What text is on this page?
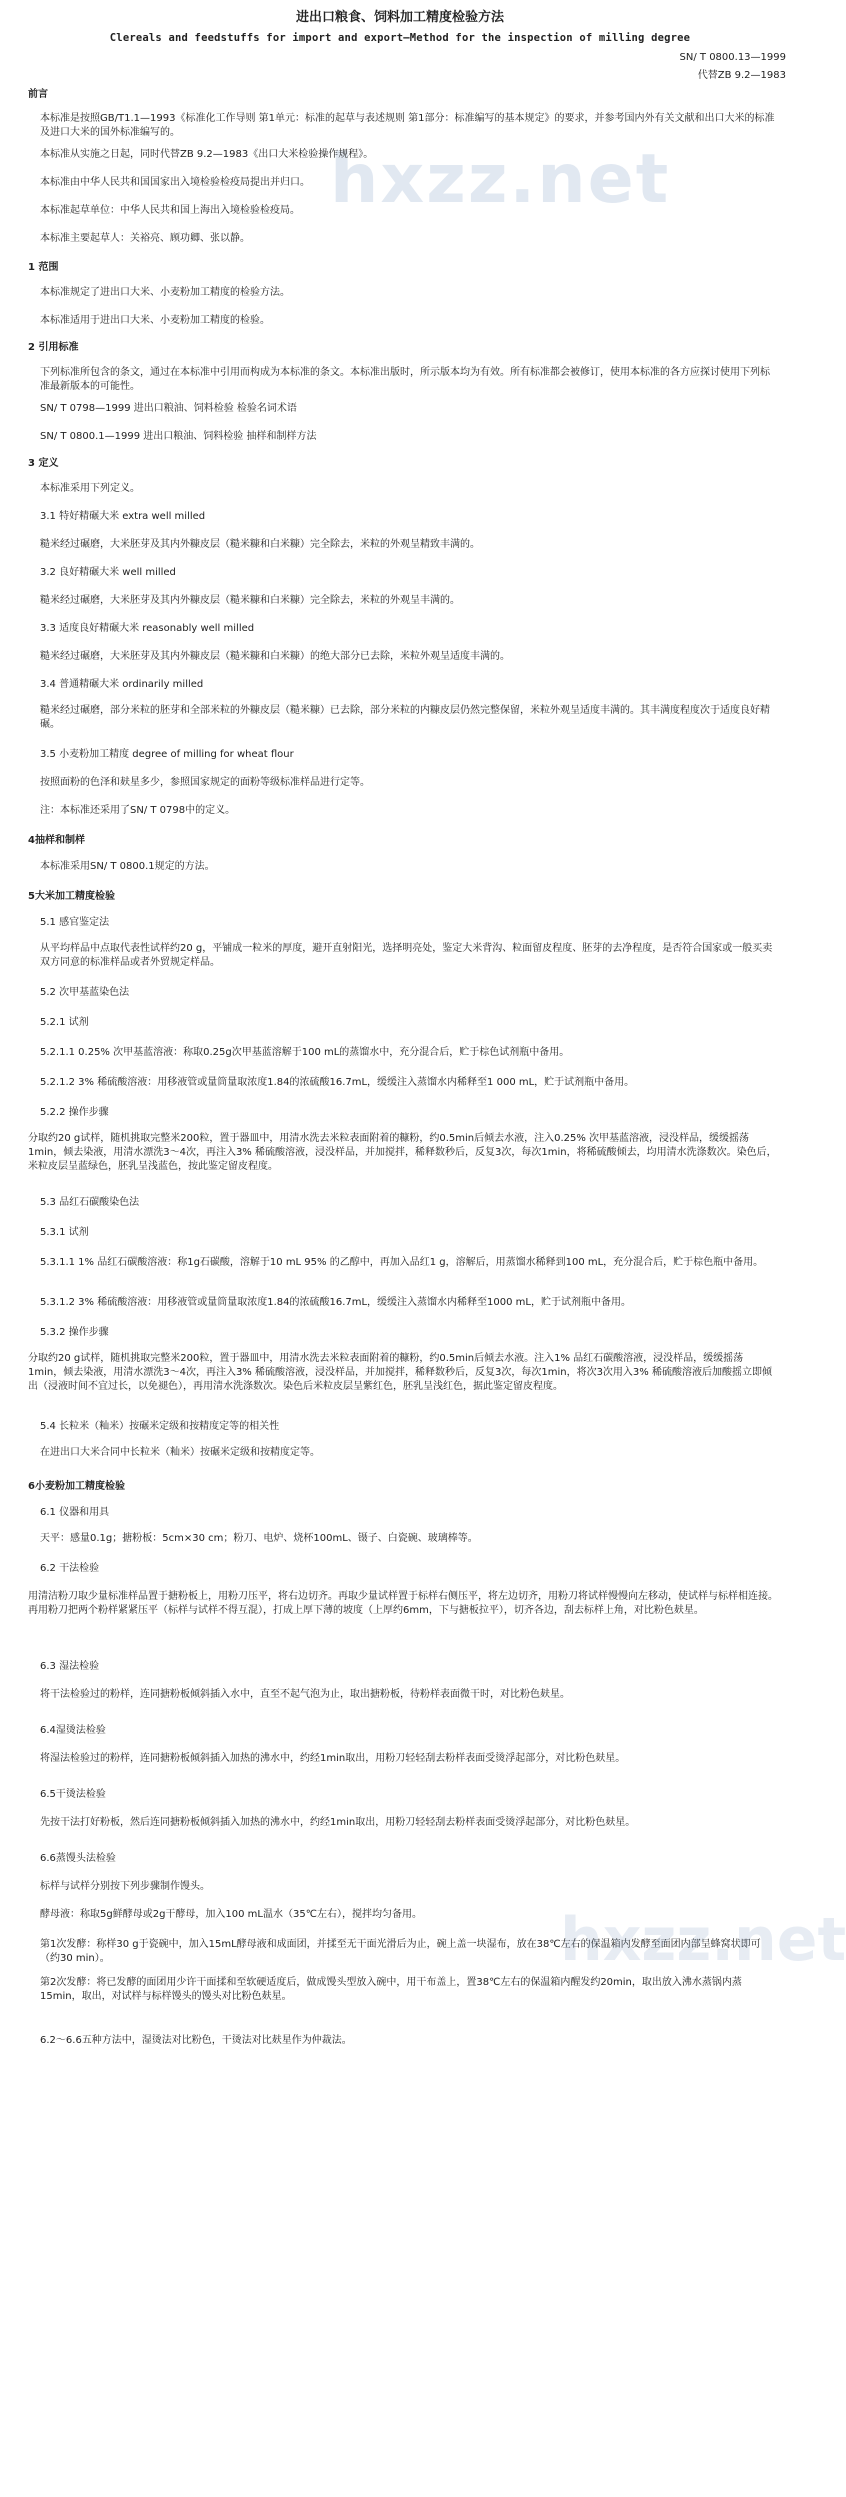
进出口粮食、饲料加工精度检验方法
Clereals and feedstuffs for import and export—Method for the inspection of milling degree
SN/ T 0800.13—1999
代替ZB 9.2—1983
hxzz.net
前言
本标准是按照GB/T1.1—1993《标准化工作导则 第1单元：标准的起草与表述规则 第1部分：标准编写的基本规定》的要求，并参考国内外有关文献和出口大米的标准及进口大米的国外标准编写的。
本标准从实施之日起，同时代替ZB 9.2—1983《出口大米检验操作规程》。
本标准由中华人民共和国国家出入境检验检疫局提出并归口。
本标准起草单位：中华人民共和国上海出入境检验检疫局。
本标准主要起草人：关裕亮、顾功卿、张以静。
1 范围
本标准规定了进出口大米、小麦粉加工精度的检验方法。
本标准适用于进出口大米、小麦粉加工精度的检验。
2 引用标准
下列标准所包含的条文，通过在本标准中引用而构成为本标准的条文。本标准出版时，所示版本均为有效。所有标准都会被修订，使用本标准的各方应探讨使用下列标准最新版本的可能性。
SN/ T 0798—1999 进出口粮油、饲料检验 检验名词术语
SN/ T 0800.1—1999 进出口粮油、饲料检验 抽样和制样方法
3 定义
本标准采用下列定义。
3.1 特好精碾大米 extra well milled
糙米经过碾磨，大米胚芽及其内外糠皮层（糙米糠和白米糠）完全除去，米粒的外观呈精致丰满的。
3.2 良好精碾大米 well milled
糙米经过碾磨，大米胚芽及其内外糠皮层（糙米糠和白米糠）完全除去，米粒的外观呈丰满的。
3.3 适度良好精碾大米 reasonably well milled
糙米经过碾磨，大米胚芽及其内外糠皮层（糙米糠和白米糠）的绝大部分已去除，米粒外观呈适度丰满的。
3.4 普通精碾大米 ordinarily milled
糙米经过碾磨，部分米粒的胚芽和全部米粒的外糠皮层（糙米糠）已去除，部分米粒的内糠皮层仍然完整保留，米粒外观呈适度丰满的。其丰满度程度次于适度良好精碾。
3.5 小麦粉加工精度 degree of milling for wheat flour
按照面粉的色泽和麸星多少，参照国家规定的面粉等级标准样品进行定等。
注：本标准还采用了SN/ T 0798中的定义。
4抽样和制样
本标准采用SN/ T 0800.1规定的方法。
5大米加工精度检验
5.1 感官鉴定法
从平均样品中点取代表性试样约20 g，平铺成一粒米的厚度，避开直射阳光，选择明亮处，鉴定大米背沟、粒面留皮程度、胚芽的去净程度，是否符合国家或一般买卖双方同意的标准样品或者外贸规定样品。
5.2 次甲基蓝染色法
5.2.1 试剂
5.2.1.1 0.25% 次甲基蓝溶液：称取0.25g次甲基蓝溶解于100 mL的蒸馏水中，充分混合后，贮于棕色试剂瓶中备用。
5.2.1.2 3% 稀硫酸溶液：用移液管或量筒量取浓度1.84的浓硫酸16.7mL，缓缓注入蒸馏水内稀释至1 000 mL，贮于试剂瓶中备用。
5.2.2 操作步骤
分取约20 g试样，随机挑取完整米200粒，置于器皿中，用清水洗去米粒表面附着的糠粉，约0.5min后倾去水液，注入0.25% 次甲基蓝溶液，浸没样品，缓缓摇荡1min，倾去染液，用清水漂洗3～4次，再注入3% 稀硫酸溶液，浸没样品，并加搅拌，稀释数秒后，反复3次，每次1min，将稀硫酸倾去，均用清水洗涤数次。染色后，米粒皮层呈蓝绿色，胚乳呈浅蓝色，按此鉴定留皮程度。
5.3 品红石碳酸染色法
5.3.1 试剂
5.3.1.1 1% 品红石碳酸溶液：称1g石碳酸，溶解于10 mL 95% 的乙醇中，再加入品红1 g，溶解后，用蒸馏水稀释到100 mL，充分混合后，贮于棕色瓶中备用。
5.3.1.2 3% 稀硫酸溶液：用移液管或量筒量取浓度1.84的浓硫酸16.7mL，缓缓注入蒸馏水内稀释至1000 mL，贮于试剂瓶中备用。
5.3.2 操作步骤
分取约20 g试样，随机挑取完整米200粒，置于器皿中，用清水洗去米粒表面附着的糠粉，约0.5min后倾去水液。注入1% 品红石碳酸溶液，浸没样品，缓缓摇荡1min，倾去染液，用清水漂洗3～4次，再注入3% 稀硫酸溶液，浸没样品，并加搅拌，稀释数秒后，反复3次，每次1min，将次3次用入3% 稀硫酸溶液后加酸摇立即倾出（浸液时间不宜过长，以免褪色），再用清水洗涤数次。染色后米粒皮层呈紫红色，胚乳呈浅红色，据此鉴定留皮程度。
5.4 长粒米（籼米）按碾米定级和按精度定等的相关性
在进出口大米合同中长粒米（籼米）按碾米定级和按精度定等。
6小麦粉加工精度检验
6.1 仪器和用具
天平：感量0.1g；搪粉板：5cm×30 cm；粉刀、电炉、烧杯100mL、镊子、白瓷碗、玻璃棒等。
6.2 干法检验
用清洁粉刀取少量标准样品置于搪粉板上，用粉刀压平，将右边切齐。再取少量试样置于标样右侧压平，将左边切齐，用粉刀将试样慢慢向左移动，使试样与标样相连接。再用粉刀把两个粉样紧紧压平（标样与试样不得互混），打成上厚下薄的坡度（上厚约6mm，下与搪板拉平），切齐各边，刮去标样上角，对比粉色麸星。
6.3 湿法检验
将干法检验过的粉样，连同搪粉板倾斜插入水中，直至不起气泡为止，取出搪粉板，待粉样表面微干时，对比粉色麸星。
6.4湿烫法检验
将湿法检验过的粉样，连同搪粉板倾斜插入加热的沸水中，约经1min取出，用粉刀轻轻刮去粉样表面受烫浮起部分，对比粉色麸星。
6.5干烫法检验
先按干法打好粉板，然后连同搪粉板倾斜插入加热的沸水中，约经1min取出，用粉刀轻轻刮去粉样表面受烫浮起部分，对比粉色麸星。
6.6蒸馒头法检验
标样与试样分别按下列步骤制作馒头。
酵母液：称取5g鲜酵母或2g干酵母，加入100 mL温水（35℃左右），搅拌均匀备用。
第1次发酵：称样30 g于瓷碗中，加入15mL酵母液和成面团，并揉至无干面光滑后为止，碗上盖一块湿布，放在38℃左右的保温箱内发酵至面团内部呈蜂窝状即可（约30 min）。
第2次发酵：将已发酵的面团用少许干面揉和至软硬适度后，做成馒头型放入碗中，用干布盖上，置38℃左右的保温箱内醒发约20min，取出放入沸水蒸锅内蒸15min，取出，对试样与标样馒头的馒头对比粉色麸星。
6.2～6.6五种方法中，湿烫法对比粉色，干烫法对比麸星作为仲裁法。
hxzz.net
